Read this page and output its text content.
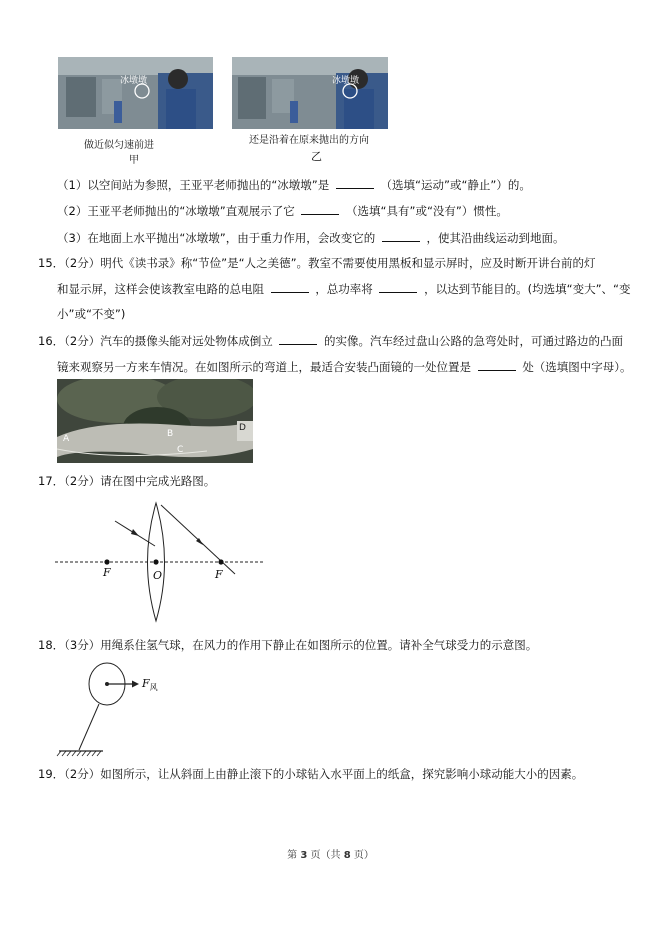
冰墩墩
做近似匀速前进
甲
冰墩墩
还是沿着在原来抛出的方向
乙
（1）以空间站为参照，王亚平老师抛出的“冰墩墩”是	（选填“运动”或“静止”）的。
（2）王亚平老师抛出的“冰墩墩”直观展示了它	（选填“具有”或“没有”）惯性。
（3）在地面上水平抛出“冰墩墩”，由于重力作用，会改变它的	，使其沿曲线运动到地面。
15．（2分）明代《读书录》称“节俭”是“人之美德”。教室不需要使用黑板和显示屏时，应及时断开讲台前的灯
和显示屏，这样会使该教室电路的总电阻	，总功率将	，以达到节能目的。(均选填“变大”、“变
小”或“不变”)
16．（2分）汽车的摄像头能对远处物体成倒立	的实像。汽车经过盘山公路的急弯处时，可通过路边的凸面
镜来观察另一方来车情况。在如图所示的弯道上，最适合安装凸面镜的一处位置是	处（选填图中字母）。
A	B
C
D
17．（2分）请在图中完成光路图。
F	O	F
18．（3分）用绳系住氢气球，在风力的作用下静止在如图所示的位置。请补全气球受力的示意图。
$F_风$
19．（2分）如图所示，让从斜面上由静止滚下的小球钻入水平面上的纸盒，探究影响小球动能大小的因素。
第 3 页（共 8 页）
